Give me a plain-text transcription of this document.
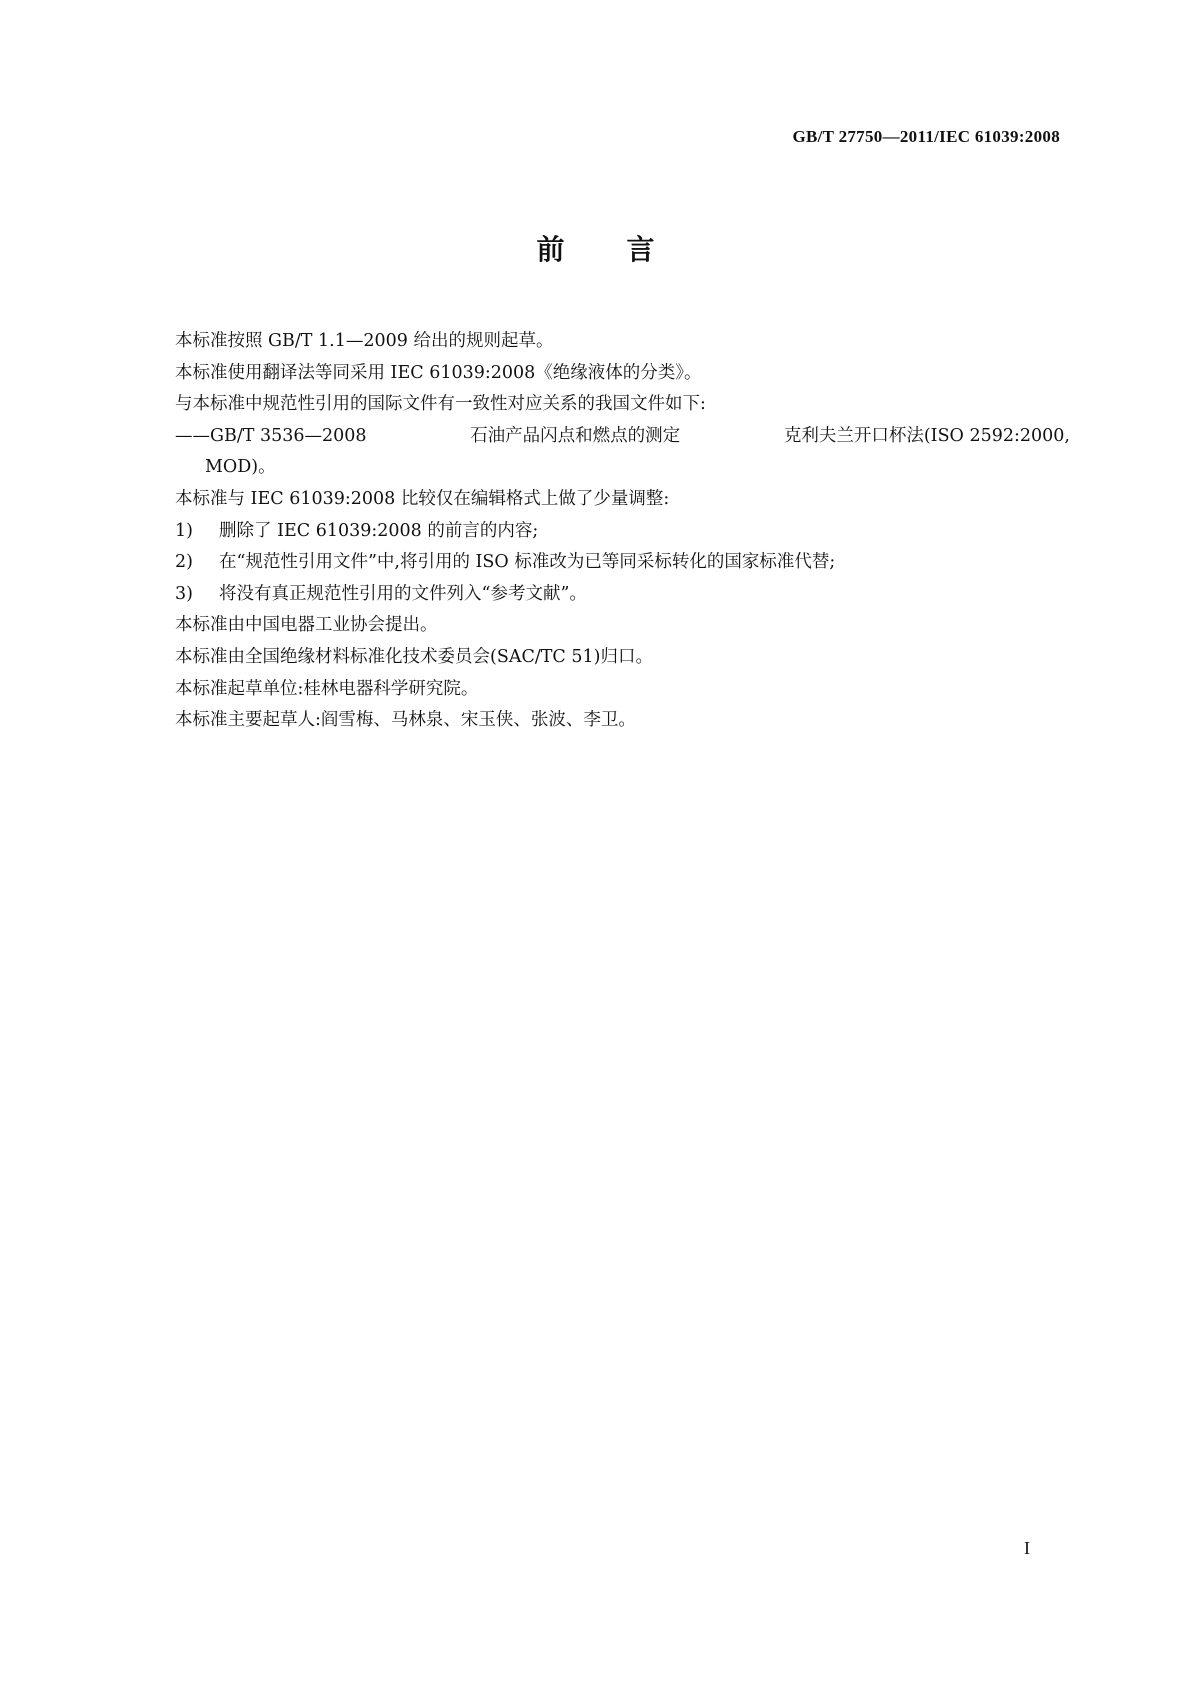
GB/T 27750—2011/IEC 61039:2008
前言
本标准按照 GB/T 1.1—2009 给出的规则起草。
本标准使用翻译法等同采用 IEC 61039:2008《绝缘液体的分类》。
与本标准中规范性引用的国际文件有一致性对应关系的我国文件如下:
——GB/T 3536—2008	石油产品闪点和燃点的测定	克利夫兰开口杯法(ISO 2592:2000,
MOD)。
本标准与 IEC 61039:2008 比较仅在编辑格式上做了少量调整:
1) 删除了 IEC 61039:2008 的前言的内容;
2) 在“规范性引用文件”中,将引用的 ISO 标准改为已等同采标转化的国家标准代替;
3) 将没有真正规范性引用的文件列入“参考文献”。
本标准由中国电器工业协会提出。
本标准由全国绝缘材料标准化技术委员会(SAC/TC 51)归口。
本标准起草单位:桂林电器科学研究院。
本标准主要起草人:阎雪梅、马林泉、宋玉侠、张波、李卫。
I
